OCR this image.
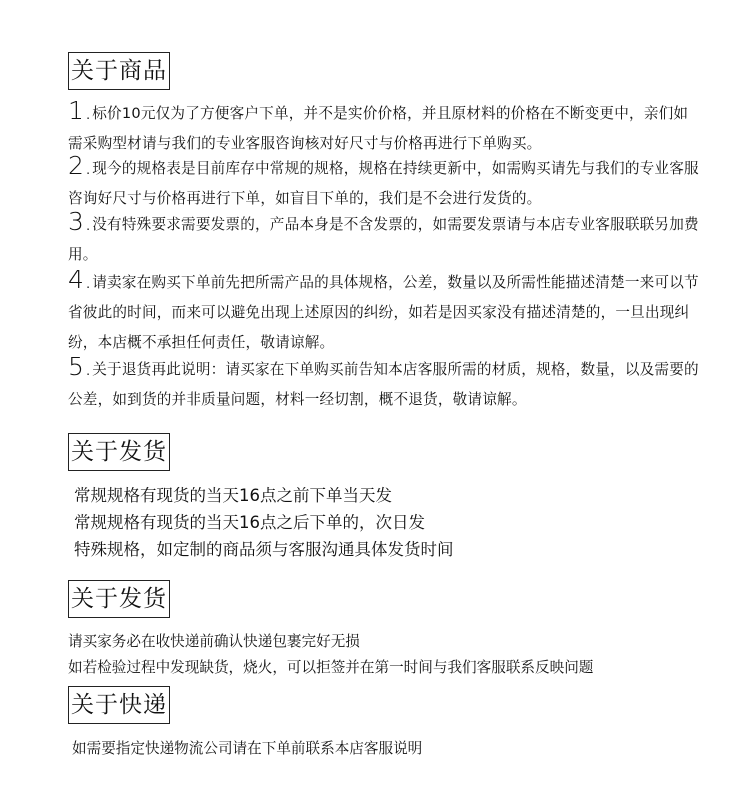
关于商品
1.标价10元仅为了方便客户下单，并不是实价价格，并且原材料的价格在不断变更中，亲们如需采购型材请与我们的专业客服咨询核对好尺寸与价格再进行下单购买。
2.现今的规格表是目前库存中常规的规格，规格在持续更新中，如需购买请先与我们的专业客服咨询好尺寸与价格再进行下单，如盲目下单的，我们是不会进行发货的。
3.没有特殊要求需要发票的，产品本身是不含发票的，如需要发票请与本店专业客服联联另加费用。
4.请卖家在购买下单前先把所需产品的具体规格，公差，数量以及所需性能描述清楚一来可以节省彼此的时间，而来可以避免出现上述原因的纠纷，如若是因买家没有描述清楚的，一旦出现纠纷，本店概不承担任何责任，敬请谅解。
5.关于退货再此说明：请买家在下单购买前告知本店客服所需的材质，规格，数量，以及需要的公差，如到货的并非质量问题，材料一经切割，概不退货，敬请谅解。
关于发货
常规规格有现货的当天16点之前下单当天发
常规规格有现货的当天16点之后下单的，次日发
特殊规格，如定制的商品须与客服沟通具体发货时间
关于发货
请买家务必在收快递前确认快递包裹完好无损
如若检验过程中发现缺货，烧火，可以拒签并在第一时间与我们客服联系反映问题
关于快递
如需要指定快递物流公司请在下单前联系本店客服说明
